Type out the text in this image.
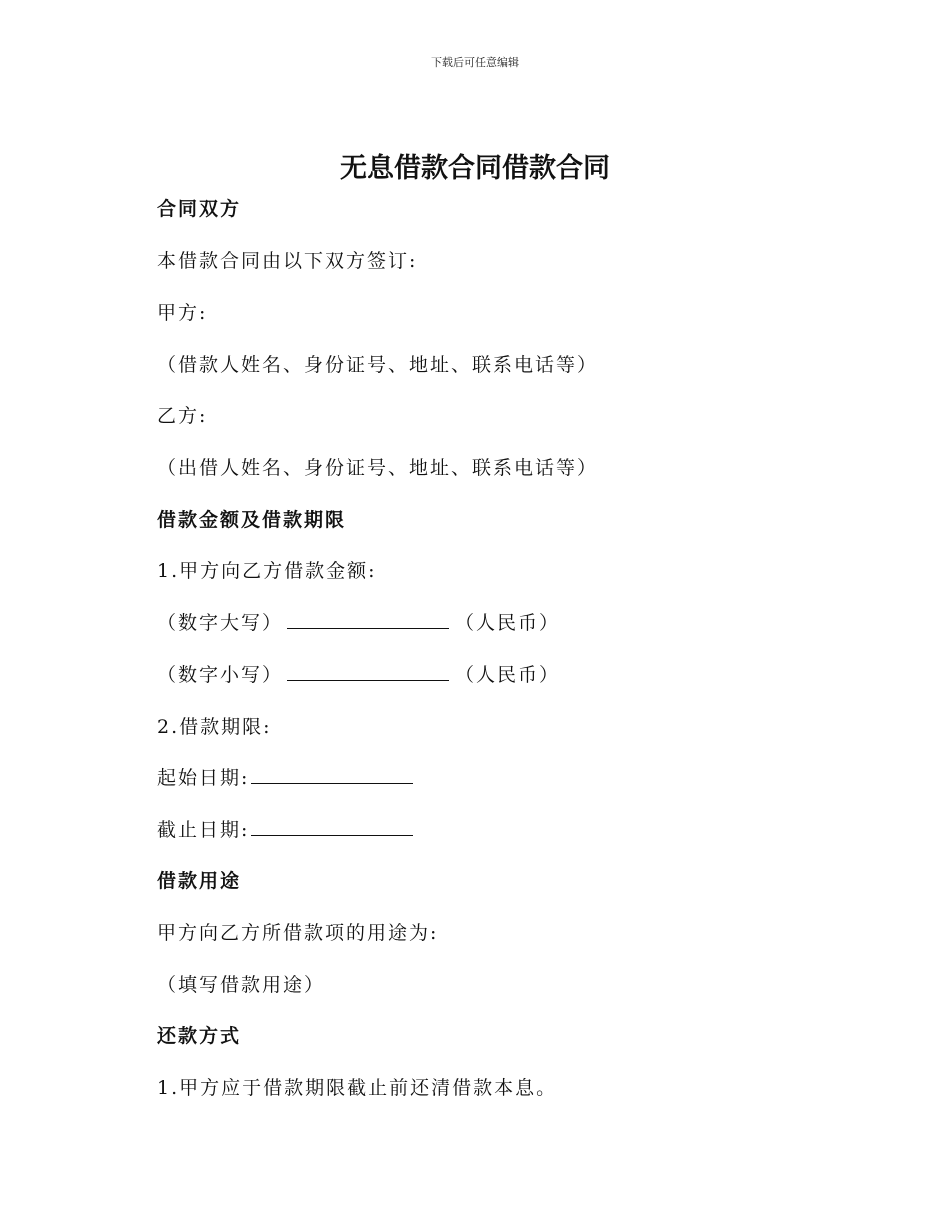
下载后可任意编辑
无息借款合同借款合同
合同双方
本借款合同由以下双方签订:
甲方:
（借款人姓名、身份证号、地址、联系电话等）
乙方:
（出借人姓名、身份证号、地址、联系电话等）
借款金额及借款期限
1.甲方向乙方借款金额:
（数字大写）	（人民币）
（数字小写）	（人民币）
2.借款期限:
起始日期:
截止日期:
借款用途
甲方向乙方所借款项的用途为:
（填写借款用途）
还款方式
1.甲方应于借款期限截止前还清借款本息。
